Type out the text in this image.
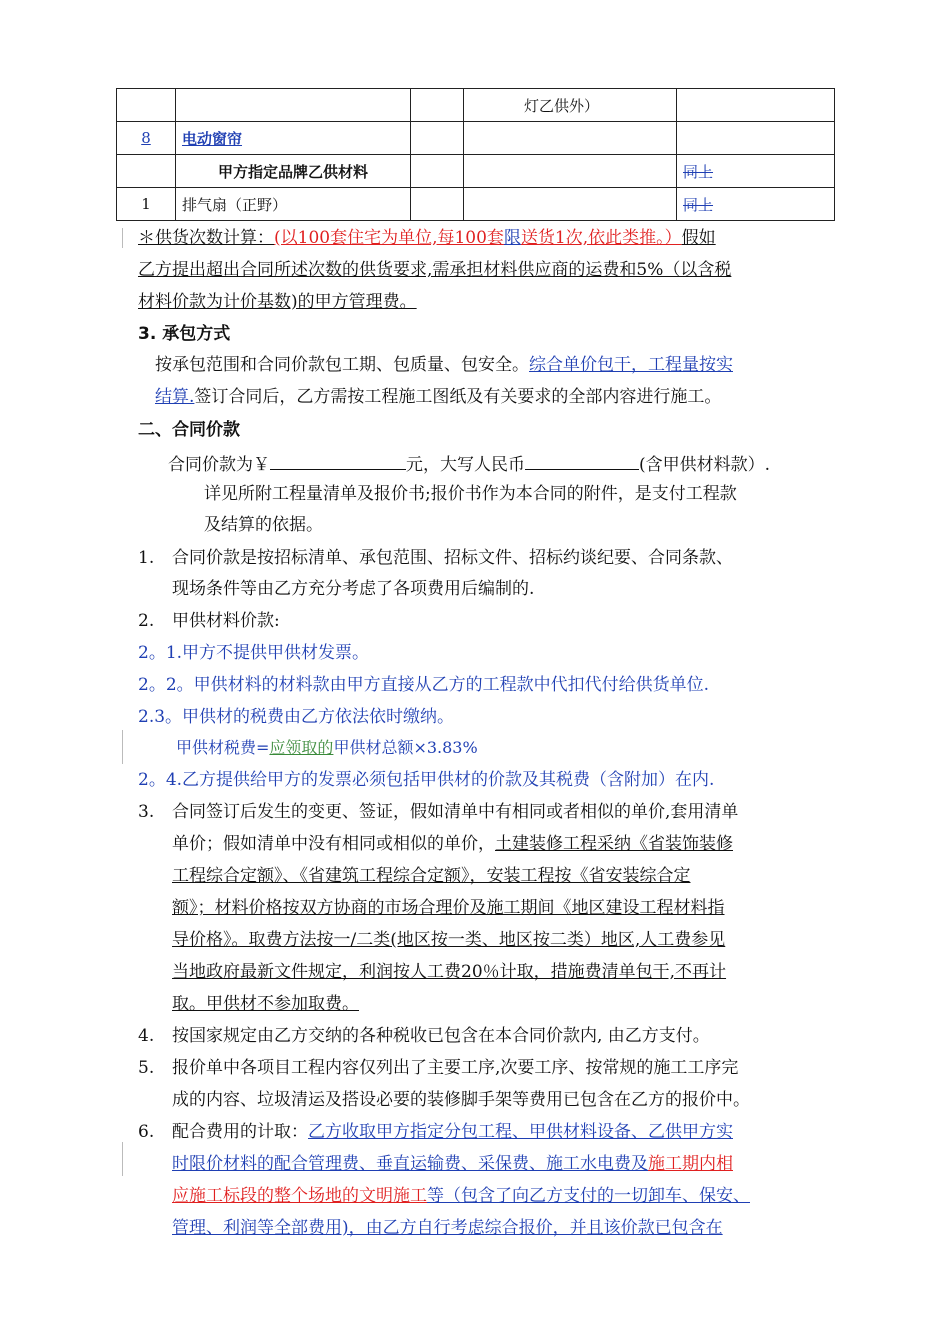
			灯乙供外）	
8	电动窗帘			
	甲方指定品牌乙供材料			同上
1	排气扇（正野）			同上
＊供货次数计算：(以100套住宅为单位,每100套限送货1次,依此类推。）假如
乙方提出超出合同所述次数的供货要求,需承担材料供应商的运费和5%（以含税
材料价款为计价基数)的甲方管理费。
3. 承包方式
按承包范围和合同价款包工期、包质量、包安全。综合单价包干，工程量按实
结算.签订合同后，乙方需按工程施工图纸及有关要求的全部内容进行施工。
二、合同价款
合同价款为￥	元，大写人民币	(含甲供材料款）.
详见所附工程量清单及报价书;报价书作为本合同的附件，是支付工程款
及结算的依据。
1. 合同价款是按招标清单、承包范围、招标文件、招标约谈纪要、合同条款、
现场条件等由乙方充分考虑了各项费用后编制的.
2. 甲供材料价款:
2。1.甲方不提供甲供材发票。
2。2。甲供材料的材料款由甲方直接从乙方的工程款中代扣代付给供货单位.
2.3。甲供材的税费由乙方依法依时缴纳。
甲供材税费=应领取的甲供材总额×3.83%
2。4.乙方提供给甲方的发票必须包括甲供材的价款及其税费（含附加）在内.
3. 合同签订后发生的变更、签证，假如清单中有相同或者相似的单价,套用清单
单价；假如清单中没有相同或相似的单价，土建装修工程采纳《省装饰装修
工程综合定额》、《省建筑工程综合定额》，安装工程按《省安装综合定
额》；材料价格按双方协商的市场合理价及施工期间《地区建设工程材料指
导价格》。取费方法按一/二类(地区按一类、地区按二类）地区,人工费参见
当地政府最新文件规定，利润按人工费20％计取，措施费清单包干,不再计
取。甲供材不参加取费。
4. 按国家规定由乙方交纳的各种税收已包含在本合同价款内, 由乙方支付。
5. 报价单中各项目工程内容仅列出了主要工序,次要工序、按常规的施工工序完
成的内容、垃圾清运及搭设必要的装修脚手架等费用已包含在乙方的报价中。
6. 配合费用的计取：乙方收取甲方指定分包工程、甲供材料设备、乙供甲方实
时限价材料的配合管理费、垂直运输费、采保费、施工水电费及施工期内相
应施工标段的整个场地的文明施工等（包含了向乙方支付的一切卸车、保安、
管理、利润等全部费用)，由乙方自行考虑综合报价，并且该价款已包含在
